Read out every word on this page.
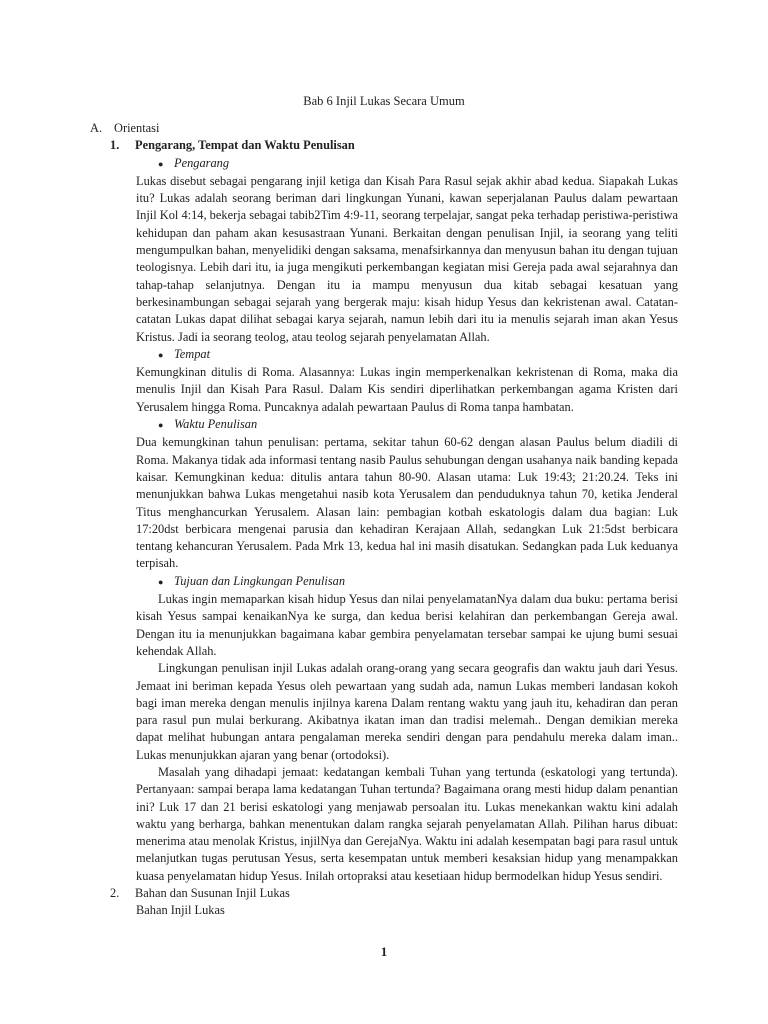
Bab 6 Injil Lukas Secara Umum
A. Orientasi
1.	Pengarang, Tempat dan Waktu Penulisan
● Pengarang
Lukas disebut sebagai pengarang injil ketiga dan Kisah Para Rasul sejak akhir abad kedua. Siapakah Lukas itu? Lukas adalah seorang beriman dari lingkungan Yunani, kawan seperjalanan Paulus dalam pewartaan Injil Kol 4:14, bekerja sebagai tabib2Tim 4:9-11, seorang terpelajar, sangat peka terhadap peristiwa-peristiwa kehidupan dan paham akan kesusastraan Yunani. Berkaitan dengan penulisan Injil, ia seorang yang teliti mengumpulkan bahan, menyelidiki dengan saksama, menafsirkannya dan menyusun bahan itu dengan tujuan teologisnya. Lebih dari itu, ia juga mengikuti perkembangan kegiatan misi Gereja pada awal sejarahnya dan tahap-tahap selanjutnya. Dengan itu ia mampu menyusun dua kitab sebagai kesatuan yang berkesinambungan sebagai sejarah yang bergerak maju: kisah hidup Yesus dan kekristenan awal. Catatan-catatan Lukas dapat dilihat sebagai karya sejarah, namun lebih dari itu ia menulis sejarah iman akan Yesus Kristus. Jadi ia seorang teolog, atau teolog sejarah penyelamatan Allah.
● Tempat
Kemungkinan ditulis di Roma. Alasannya: Lukas ingin memperkenalkan kekristenan di Roma, maka dia menulis Injil dan Kisah Para Rasul. Dalam Kis sendiri diperlihatkan perkembangan agama Kristen dari Yerusalem hingga Roma. Puncaknya adalah pewartaan Paulus di Roma tanpa hambatan.
● Waktu Penulisan
Dua kemungkinan tahun penulisan: pertama, sekitar tahun 60-62 dengan alasan Paulus belum diadili di Roma. Makanya tidak ada informasi tentang nasib Paulus sehubungan dengan usahanya naik banding kepada kaisar. Kemungkinan kedua: ditulis antara tahun 80-90. Alasan utama: Luk 19:43; 21:20.24. Teks ini menunjukkan bahwa Lukas mengetahui nasib kota Yerusalem dan penduduknya tahun 70, ketika Jenderal Titus menghancurkan Yerusalem. Alasan lain: pembagian kotbah eskatologis dalam dua bagian: Luk 17:20dst berbicara mengenai parusia dan kehadiran Kerajaan Allah, sedangkan Luk 21:5dst berbicara tentang kehancuran Yerusalem. Pada Mrk 13, kedua hal ini masih disatukan. Sedangkan pada Luk keduanya terpisah.
● Tujuan dan Lingkungan Penulisan
Lukas ingin memaparkan kisah hidup Yesus dan nilai penyelamatanNya dalam dua buku: pertama berisi kisah Yesus sampai kenaikanNya ke surga, dan kedua berisi kelahiran dan perkembangan Gereja awal. Dengan itu ia menunjukkan bagaimana kabar gembira penyelamatan tersebar sampai ke ujung bumi sesuai kehendak Allah.
Lingkungan penulisan injil Lukas adalah orang-orang yang secara geografis dan waktu jauh dari Yesus. Jemaat ini beriman kepada Yesus oleh pewartaan yang sudah ada, namun Lukas memberi landasan kokoh bagi iman mereka dengan menulis injilnya karena Dalam rentang waktu yang jauh itu, kehadiran dan peran para rasul pun mulai berkurang. Akibatnya ikatan iman dan tradisi melemah.. Dengan demikian mereka dapat melihat hubungan antara pengalaman mereka sendiri dengan para pendahulu mereka dalam iman.. Lukas menunjukkan ajaran yang benar (ortodoksi).
Masalah yang dihadapi jemaat: kedatangan kembali Tuhan yang tertunda (eskatologi yang tertunda). Pertanyaan: sampai berapa lama kedatangan Tuhan tertunda? Bagaimana orang mesti hidup dalam penantian ini? Luk 17 dan 21 berisi eskatologi yang menjawab persoalan itu. Lukas menekankan waktu kini adalah waktu yang berharga, bahkan menentukan dalam rangka sejarah penyelamatan Allah. Pilihan harus dibuat: menerima atau menolak Kristus, injilNya dan GerejaNya. Waktu ini adalah kesempatan bagi para rasul untuk melanjutkan tugas perutusan Yesus, serta kesempatan untuk memberi kesaksian hidup yang menampakkan kuasa penyelamatan hidup Yesus. Inilah ortopraksi atau kesetiaan hidup bermodelkan hidup Yesus sendiri.
2.	Bahan dan Susunan Injil Lukas
Bahan Injil Lukas
1
